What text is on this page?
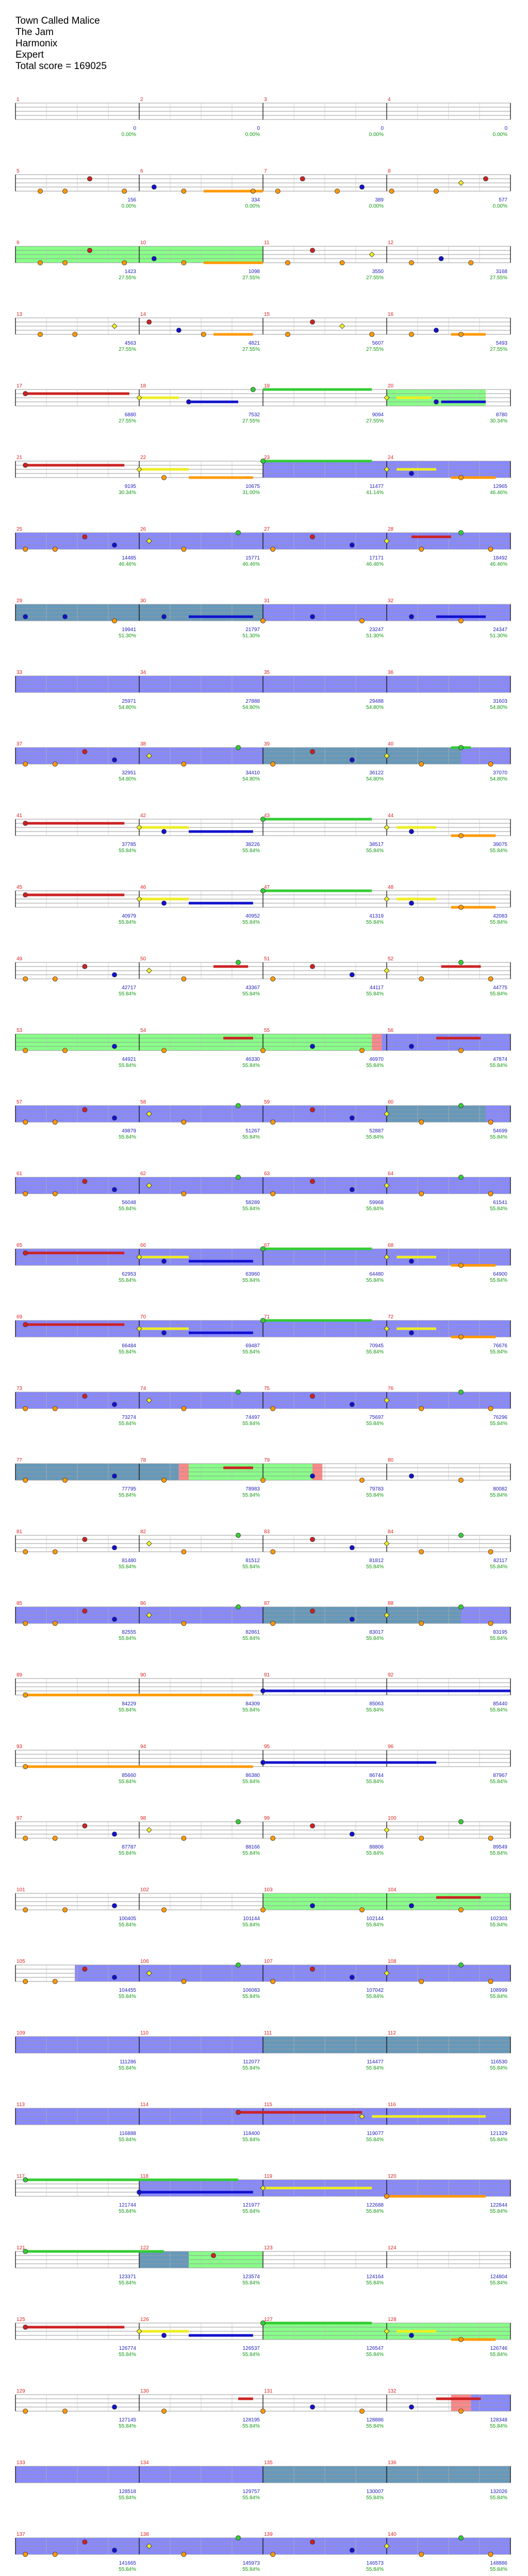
Town Called Malice
The Jam
Harmonix
Expert
Total score = 169025
1
0
0.00%
2
0
0.00%
3
0
0.00%
4
0
0.00%
5
156
0.00%
6
334
0.00%
7
389
0.00%
8
577
0.00%
9
1423
27.55%
10
1098
27.55%
11
3550
27.55%
12
3168
27.55%
13
4563
27.55%
14
4821
27.55%
15
5607
27.55%
16
5493
27.55%
17
6880
27.55%
18
7532
27.55%
19
9094
27.55%
20
8780
30.34%
21
9195
30.34%
22
10675
31.00%
23
11477
41.14%
24
12965
46.46%
25
14485
46.46%
26
15771
46.46%
27
17171
46.46%
28
18492
46.46%
29
19941
51.30%
30
21797
51.30%
31
23247
51.30%
32
24347
51.30%
33
25971
54.80%
34
27888
54.80%
35
29488
54.80%
36
31603
54.80%
37
32951
54.80%
38
34410
54.80%
39
36122
54.80%
40
37070
54.80%
41
37785
55.84%
42
38226
55.84%
43
38517
55.84%
44
39075
55.84%
45
40979
55.84%
46
40952
55.84%
47
41319
55.84%
48
42083
55.84%
49
42717
55.84%
50
43367
55.84%
51
44117
55.84%
52
44775
55.84%
53
44921
55.84%
54
46330
55.84%
55
46970
55.84%
56
47874
55.84%
57
49879
55.84%
58
51267
55.84%
59
52887
55.84%
60
54699
55.84%
61
56048
55.84%
62
58289
55.84%
63
59968
55.84%
64
61541
55.84%
65
62953
55.84%
66
63960
55.84%
67
64480
55.84%
68
64900
55.84%
69
66484
55.84%
70
69487
55.84%
71
70945
55.84%
72
76676
55.84%
73
73274
55.84%
74
74497
55.84%
75
75697
55.84%
76
76296
55.84%
77
77795
55.84%
78
78983
55.84%
79
79783
55.84%
80
80082
55.84%
81
81480
55.84%
82
81512
55.84%
83
81812
55.84%
84
82117
55.84%
85
82555
55.84%
86
82861
55.84%
87
83017
55.84%
88
83195
55.84%
89
84229
55.84%
90
84309
55.84%
91
85063
55.84%
92
85440
55.84%
93
85660
55.84%
94
86380
55.84%
95
86744
55.84%
96
87967
55.84%
97
87787
55.84%
98
88166
55.84%
99
88806
55.84%
100
89549
55.84%
101
100405
55.84%
102
101144
55.84%
103
102144
55.84%
104
102303
55.84%
105
104455
55.84%
106
106083
55.84%
107
107042
55.84%
108
108999
55.84%
109
111286
55.84%
110
112077
55.84%
111
114477
55.84%
112
116530
55.84%
113
116888
55.84%
114
118400
55.84%
115
119077
55.84%
116
121329
55.84%
117
121744
55.84%
118
121977
55.84%
119
122688
55.84%
120
122844
55.84%
121
123371
55.84%
122
123574
55.84%
123
124164
55.84%
124
124804
55.84%
125
126774
55.84%
126
126537
55.84%
127
126547
55.84%
128
126746
55.84%
129
127145
55.84%
130
128195
55.84%
131
128886
55.84%
132
128348
55.84%
133
128518
55.84%
134
129757
55.84%
135
130007
55.84%
136
132026
55.84%
137
141665
55.84%
138
145973
55.84%
139
146573
55.84%
140
148886
55.84%
